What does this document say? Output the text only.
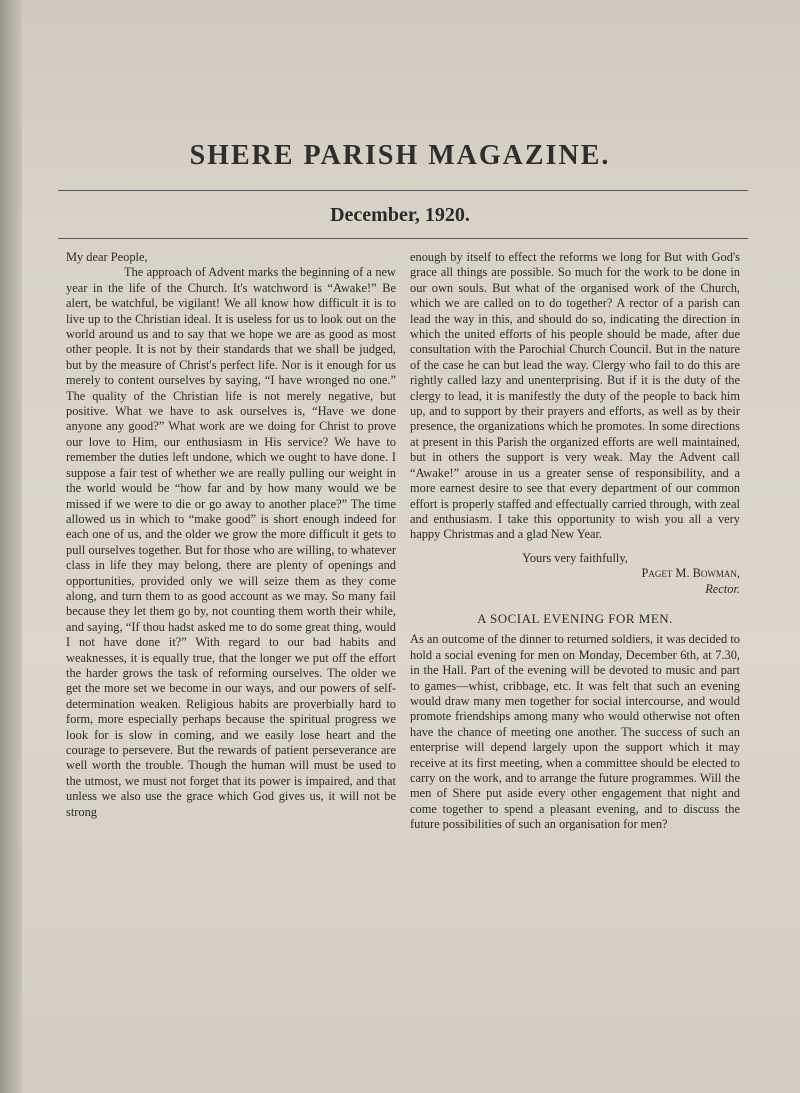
SHERE PARISH MAGAZINE.
December, 1920.

My dear People,

The approach of Advent marks the beginning of a new year in the life of the Church. It's watchword is “Awake!” Be alert, be watchful, be vigilant! We all know how difficult it is to live up to the Christian ideal. It is useless for us to look out on the world around us and to say that we hope we are as good as most other people. It is not by their standards that we shall be judged, but by the measure of Christ's perfect life. Nor is it enough for us merely to content ourselves by saying, “I have wronged no one.” The quality of the Christian life is not merely negative, but positive. What we have to ask ourselves is, “Have we done anyone any good?” What work are we doing for Christ to prove our love to Him, our enthusiasm in His service? We have to remember the duties left undone, which we ought to have done. I suppose a fair test of whether we are really pulling our weight in the world would be “how far and by how many would we be missed if we were to die or go away to another place?” The time allowed us in which to “make good” is short enough indeed for each one of us, and the older we grow the more difficult it gets to pull ourselves together. But for those who are willing, to whatever class in life they may belong, there are plenty of openings and opportunities, provided only we will seize them as they come along, and turn them to as good account as we may. So many fail because they let them go by, not counting them worth their while, and saying, “If thou hadst asked me to do some great thing, would I not have done it?” With regard to our bad habits and weaknesses, it is equally true, that the longer we put off the effort the harder grows the task of reforming ourselves. The older we get the more set we become in our ways, and our powers of self-determination weaken. Religious habits are proverbially hard to form, more especially perhaps because the spiritual progress we look for is slow in coming, and we easily lose heart and the courage to persevere. But the rewards of patient perseverance are well worth the trouble. Though the human will must be used to the utmost, we must not forget that its power is impaired, and that unless we also use the grace which God gives us, it will not be strong

enough by itself to effect the reforms we long for But with God's grace all things are possible. So much for the work to be done in our own souls. But what of the organised work of the Church, which we are called on to do together? A rector of a parish can lead the way in this, and should do so, indicating the direction in which the united efforts of his people should be made, after due consultation with the Parochial Church Council. But in the nature of the case he can but lead the way. Clergy who fail to do this are rightly called lazy and unenterprising. But if it is the duty of the clergy to lead, it is manifestly the duty of the people to back him up, and to support by their prayers and efforts, as well as by their presence, the organizations which he promotes. In some directions at present in this Parish the organized efforts are well maintained, but in others the support is very weak. May the Advent call “Awake!” arouse in us a greater sense of responsibility, and a more earnest desire to see that every department of our common effort is properly staffed and effectually carried through, with zeal and enthusiasm. I take this opportunity to wish you all a very happy Christmas and a glad New Year.

Yours very faithfully,
Paget M. Bowman,
Rector.
A SOCIAL EVENING FOR MEN.

As an outcome of the dinner to returned soldiers, it was decided to hold a social evening for men on Monday, December 6th, at 7.30, in the Hall. Part of the evening will be devoted to music and part to games—whist, cribbage, etc. It was felt that such an evening would draw many men together for social intercourse, and would promote friendships among many who would otherwise not often have the chance of meeting one another. The success of such an enterprise will depend largely upon the support which it may receive at its first meeting, when a committee should be elected to carry on the work, and to arrange the future programmes. Will the men of Shere put aside every other engagement that night and come together to spend a pleasant evening, and to discuss the future possibilities of such an organisation for men?
